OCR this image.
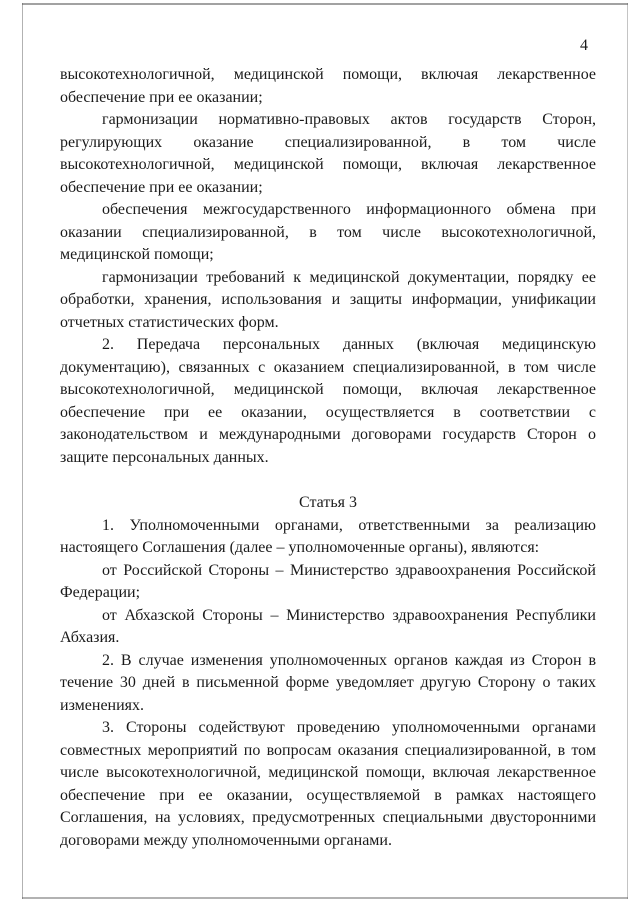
4

высокотехнологичной, медицинской помощи, включая лекарственное обеспечение при ее оказании;

гармонизации нормативно-правовых актов государств Сторон, регулирующих оказание специализированной, в том числе высокотехнологичной, медицинской помощи, включая лекарственное обеспечение при ее оказании;

обеспечения межгосударственного информационного обмена при оказании специализированной, в том числе высокотехнологичной, медицинской помощи;

гармонизации требований к медицинской документации, порядку ее обработки, хранения, использования и защиты информации, унификации отчетных статистических форм.

2. Передача персональных данных (включая медицинскую документацию), связанных с оказанием специализированной, в том числе высокотехнологичной, медицинской помощи, включая лекарственное обеспечение при ее оказании, осуществляется в соответствии с законодательством и международными договорами государств Сторон о защите персональных данных.

Статья 3

1. Уполномоченными органами, ответственными за реализацию настоящего Соглашения (далее – уполномоченные органы), являются:

от Российской Стороны – Министерство здравоохранения Российской Федерации;

от Абхазской Стороны – Министерство здравоохранения Республики Абхазия.

2. В случае изменения уполномоченных органов каждая из Сторон в течение 30 дней в письменной форме уведомляет другую Сторону о таких изменениях.

3. Стороны содействуют проведению уполномоченными органами совместных мероприятий по вопросам оказания специализированной, в том числе высокотехнологичной, медицинской помощи, включая лекарственное обеспечение при ее оказании, осуществляемой в рамках настоящего Соглашения, на условиях, предусмотренных специальными двусторонними договорами между уполномоченными органами.
